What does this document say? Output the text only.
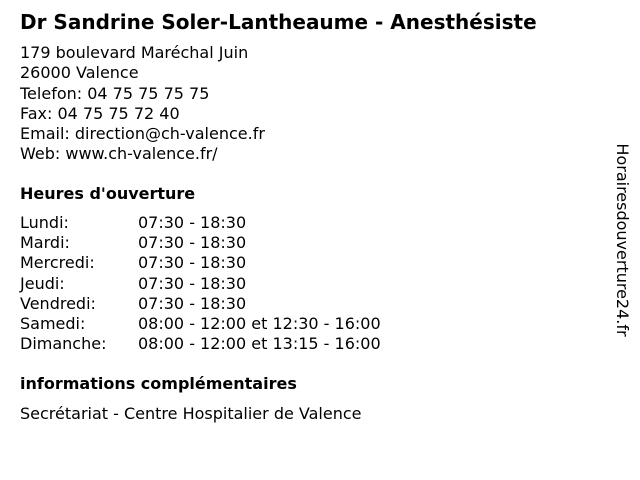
Dr Sandrine Soler-Lantheaume - Anesthésiste
179 boulevard Maréchal Juin
26000 Valence
Telefon: 04 75 75 75 75
Fax: 04 75 75 72 40
Email: direction@ch-valence.fr
Web: www.ch-valence.fr/
Heures d'ouverture
Lundi:	07:30 - 18:30
Mardi:	07:30 - 18:30
Mercredi:	07:30 - 18:30
Jeudi:	07:30 - 18:30
Vendredi:	07:30 - 18:30
Samedi:	08:00 - 12:00 et 12:30 - 16:00
Dimanche: 08:00 - 12:00 et 13:15 - 16:00
informations complémentaires
Secrétariat - Centre Hospitalier de Valence
Horairesdouverture24.fr
